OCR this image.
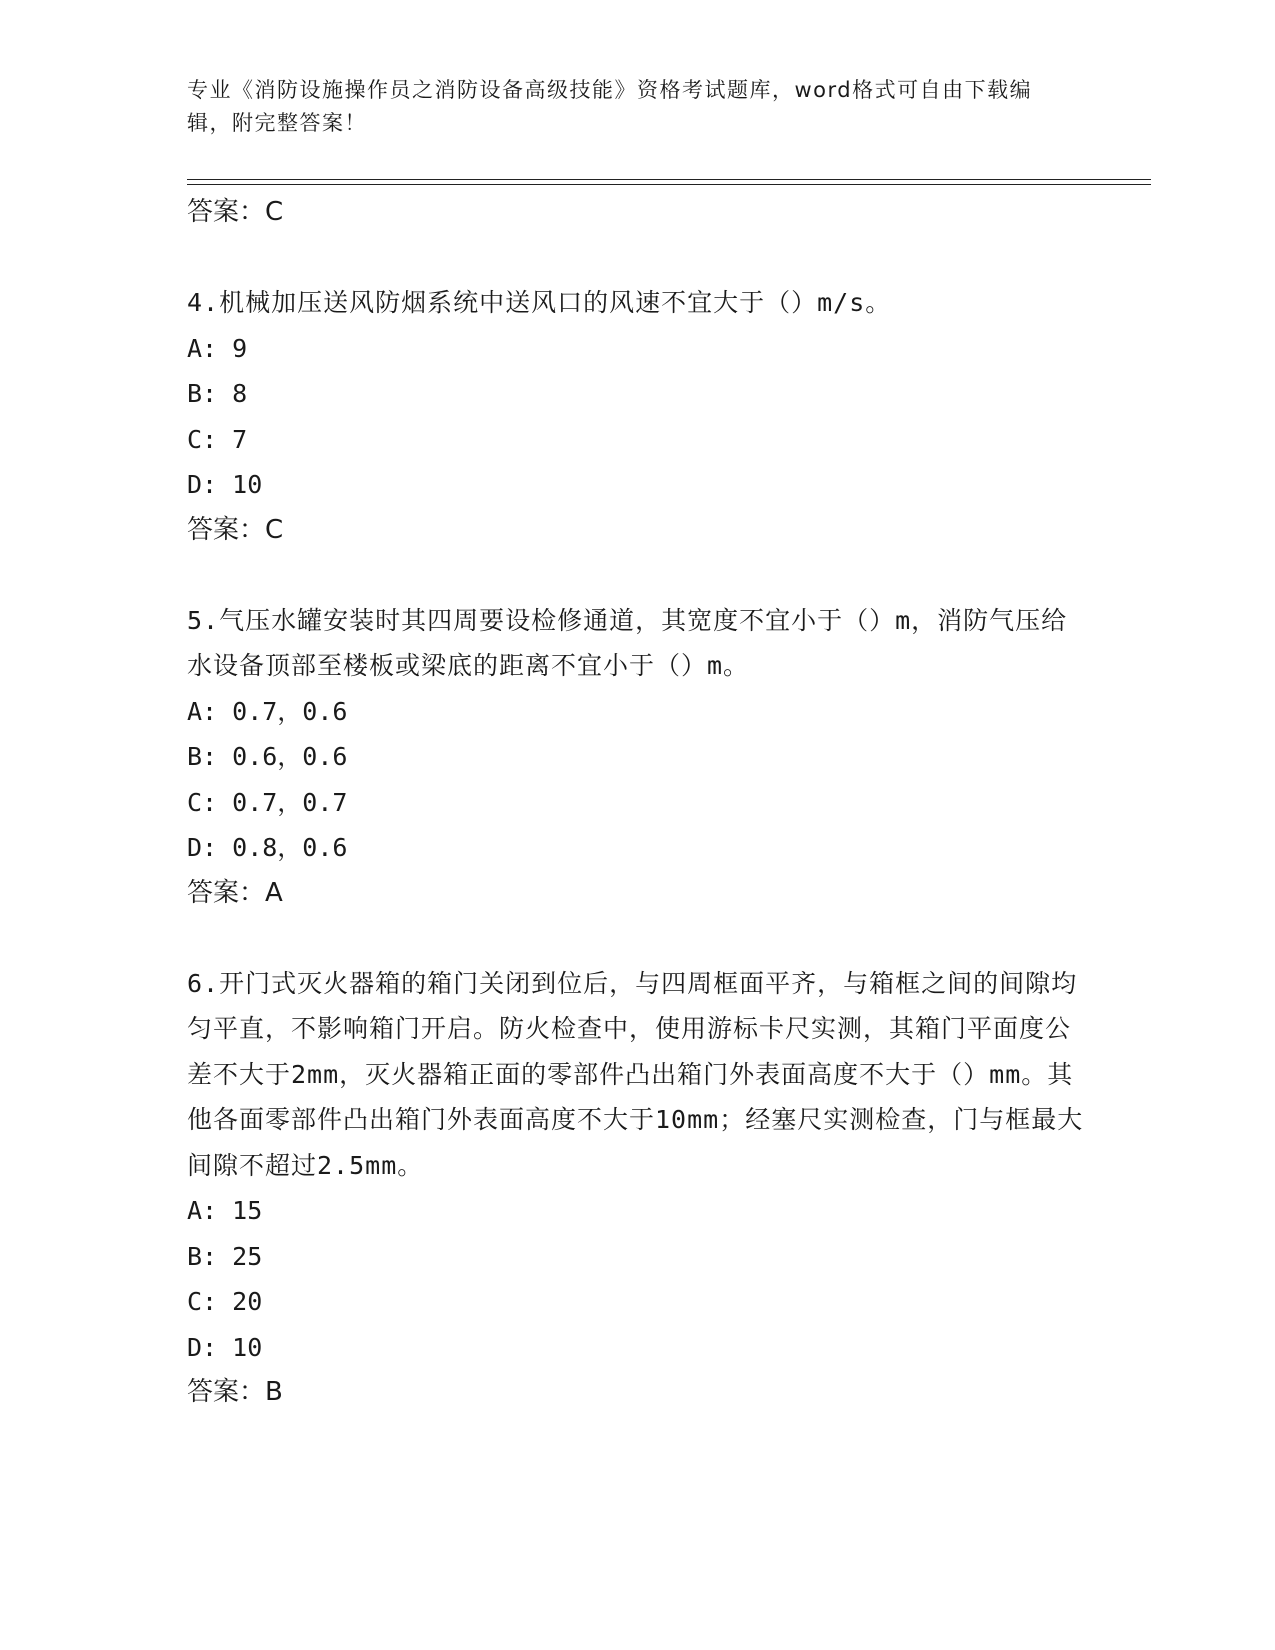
专业《消防设施操作员之消防设备高级技能》资格考试题库，word格式可自由下载编辑，附完整答案！

答案：C

4.机械加压送风防烟系统中送风口的风速不宜大于（）m/s。

A: 9

B: 8

C: 7

D: 10

答案：C

5.气压水罐安装时其四周要设检修通道，其宽度不宜小于（）m，消防气压给水设备顶部至楼板或梁底的距离不宜小于（）m。

A: 0.7，0.6

B: 0.6，0.6

C: 0.7，0.7

D: 0.8，0.6

答案：A

6.开门式灭火器箱的箱门关闭到位后，与四周框面平齐，与箱框之间的间隙均匀平直，不影响箱门开启。防火检查中，使用游标卡尺实测，其箱门平面度公差不大于2mm，灭火器箱正面的零部件凸出箱门外表面高度不大于（）mm。其他各面零部件凸出箱门外表面高度不大于10mm；经塞尺实测检查，门与框最大间隙不超过2.5mm。

A: 15

B: 25

C: 20

D: 10

答案：B
